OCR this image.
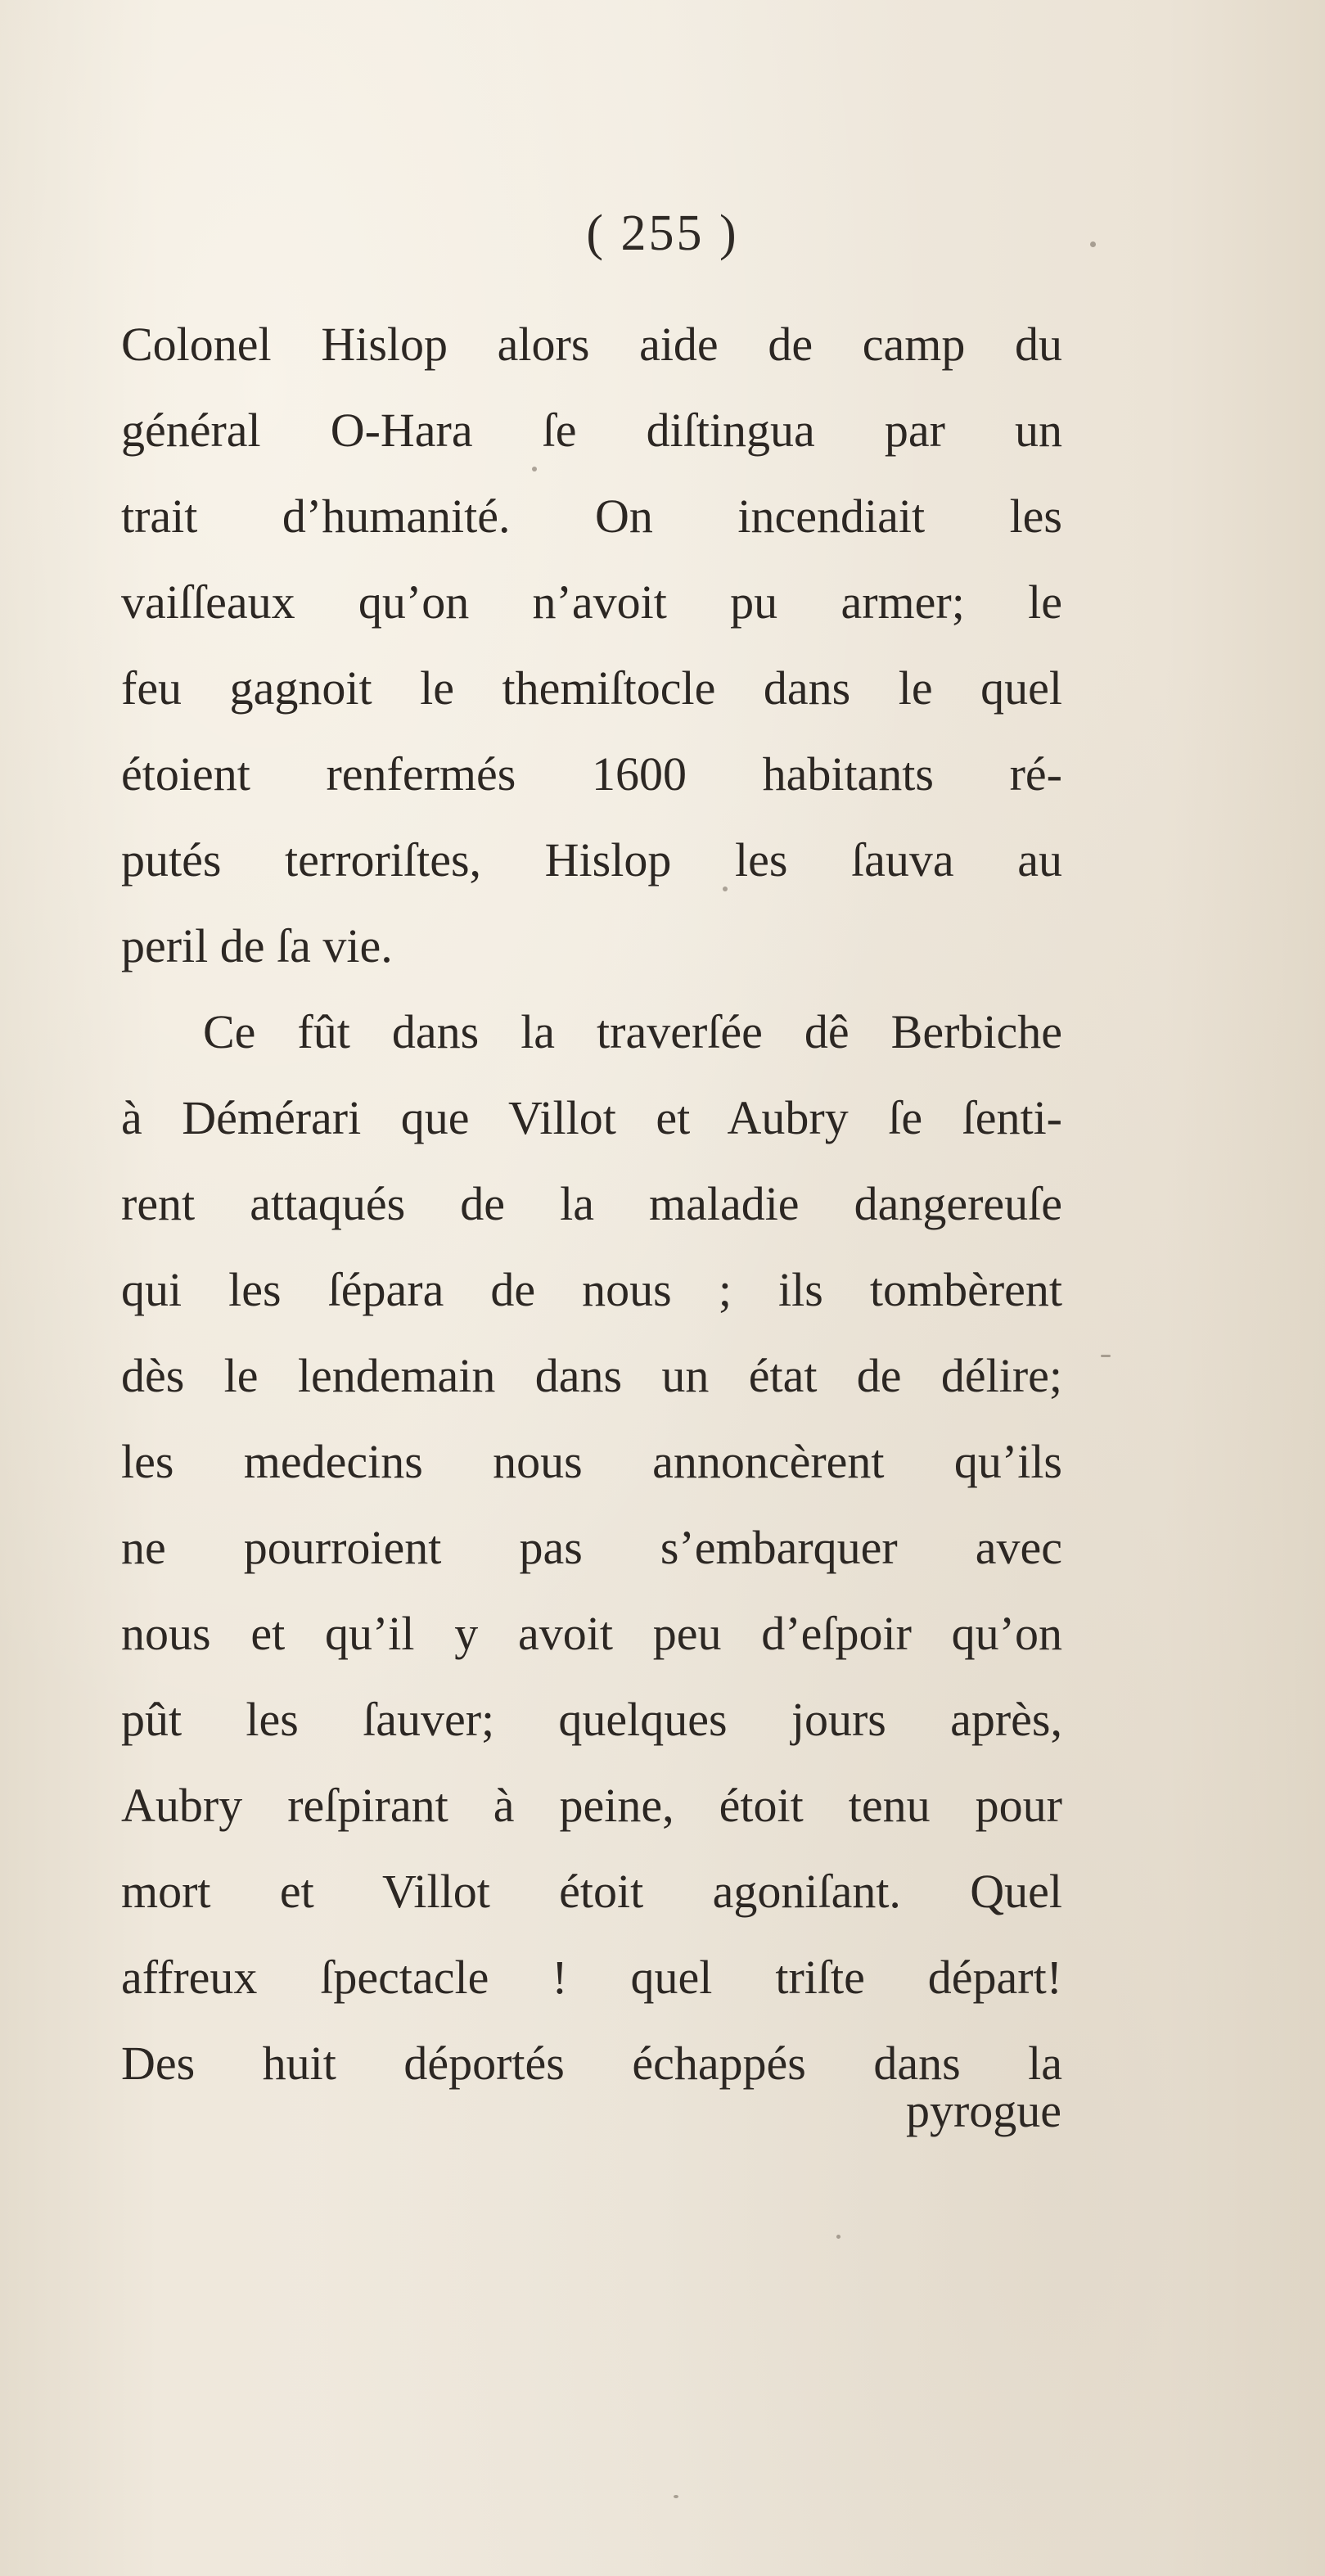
( 255 )
Colonel Hislop alors aide de camp du
général O-Hara ſe diſtingua par un
trait d’humanité. On incendiait les
vaiſſeaux qu’on n’avoit pu armer; le
feu gagnoit le themiſtocle dans le quel
étoient renfermés 1600 habitants ré-
putés terroriſtes, Hislop les ſauva au
peril de ſa vie.
Ce fût dans la traverſée dê Berbiche
à Démérari que Villot et Aubry ſe ſenti-
rent attaqués de la maladie dangereuſe
qui les ſépara de nous ; ils tombèrent
dès le lendemain dans un état de délire;
les medecins nous annoncèrent qu’ils
ne pourroient pas s’embarquer avec
nous et qu’il y avoit peu d’eſpoir qu’on
pût les ſauver; quelques jours après,
Aubry reſpirant à peine, étoit tenu pour
mort et Villot étoit agoniſant. Quel
affreux ſpectacle ! quel triſte départ!
Des huit déportés échappés dans la
pyrogue
